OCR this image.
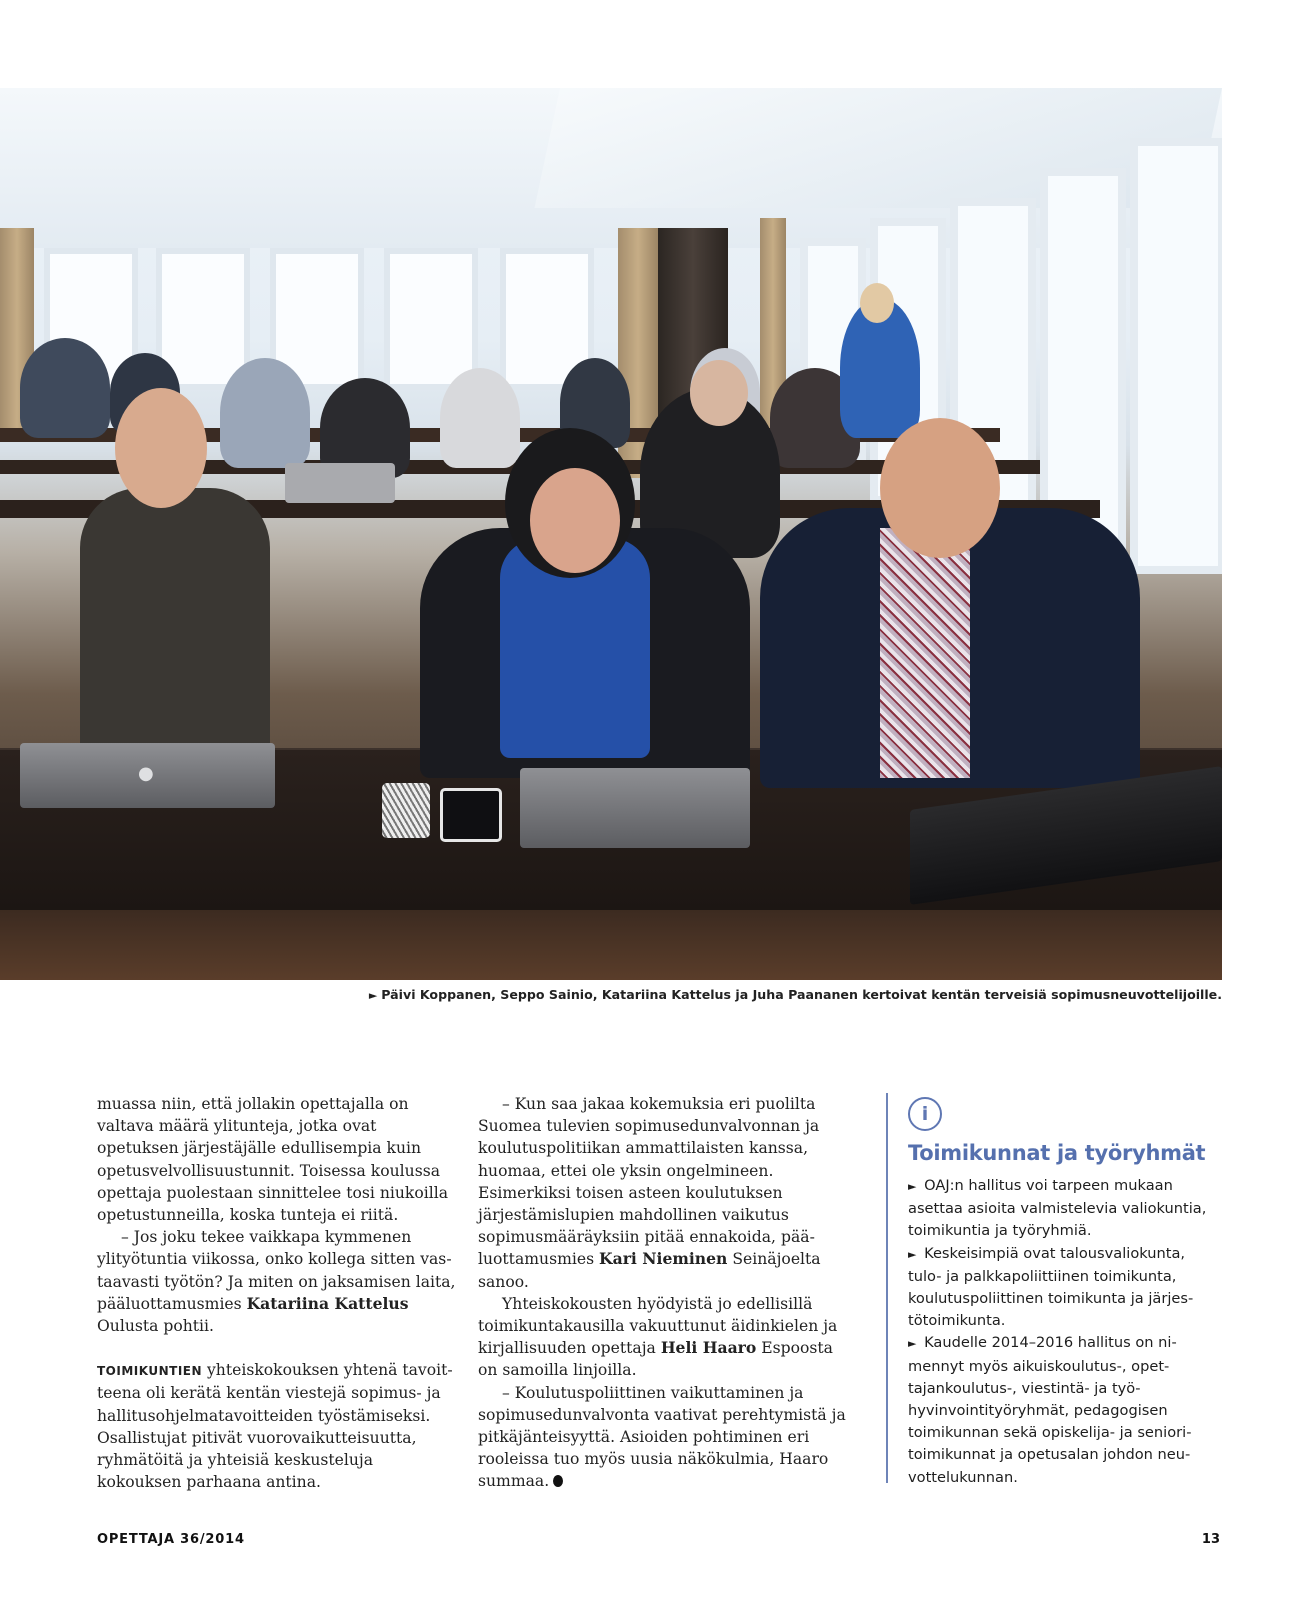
●
► Päivi Koppanen, Seppo Sainio, Katariina Kattelus ja Juha Paananen kertoivat kentän terveisiä sopimusneuvottelijoille.

muassa niin, että jollakin opettajalla on valtava määrä ylitunteja, jotka ovat opetuksen järjestäjälle edullisempia kuin opetusvelvollisuustunnit. Toisessa koulussa opettaja puolestaan sinnittelee tosi niukoilla opetustunneilla, koska tunteja ei riitä.

– Jos joku tekee vaikkapa kymmenen ylityötuntia viikossa, onko kollega sitten vastaavasti työtön? Ja miten on jaksamisen laita, pääluottamusmies Katariina Kattelus Oulusta pohtii.

TOIMIKUNTIEN yhteiskokouksen yhtenä tavoitteena oli kerätä kentän viestejä sopimus- ja hallitusohjelmatavoitteiden työstämiseksi. Osallistujat pitivät vuorovaikutteisuutta, ryhmätöitä ja yhteisiä keskusteluja kokouksen parhaana antina.

– Kun saa jakaa kokemuksia eri puolilta Suomea tulevien sopimusedunvalvonnan ja koulutuspolitiikan ammattilaisten kanssa, huomaa, ettei ole yksin ongelmineen. Esimerkiksi toisen asteen koulutuksen järjestämislupien mahdollinen vaikutus sopimusmääräyksiin pitää ennakoida, pääluottamusmies Kari Nieminen Seinäjoelta sanoo.

Yhteiskokousten hyödyistä jo edellisillä toimikuntakausilla vakuuttunut äidinkielen ja kirjallisuuden opettaja Heli Haaro Espoosta on samoilla linjoilla.

– Koulutuspoliittinen vaikuttaminen ja sopimusedunvalvonta vaativat perehtymistä ja pitkäjänteisyyttä. Asioiden pohtiminen eri rooleissa tuo myös uusia näkökulmia, Haaro summaa.

i
Toimikunnat ja työryhmät

► OAJ:n hallitus voi tarpeen mukaan asettaa asioita valmistelevia valiokuntia, toimikuntia ja työryhmiä.

► Keskeisimpiä ovat talousvaliokunta, tulo- ja palkkapoliittiinen toimikunta, koulutuspoliittinen toimikunta ja järjestötoimikunta.

► Kaudelle 2014–2016 hallitus on nimennyt myös aikuiskoulutus-, opettajankoulutus-, viestintä- ja työhyvinvointityöryhmät, pedagogisen toimikunnan sekä opiskelija- ja senioritoimikunnat ja opetusalan johdon neuvottelukunnan.

OPETTAJA 36/2014	13
